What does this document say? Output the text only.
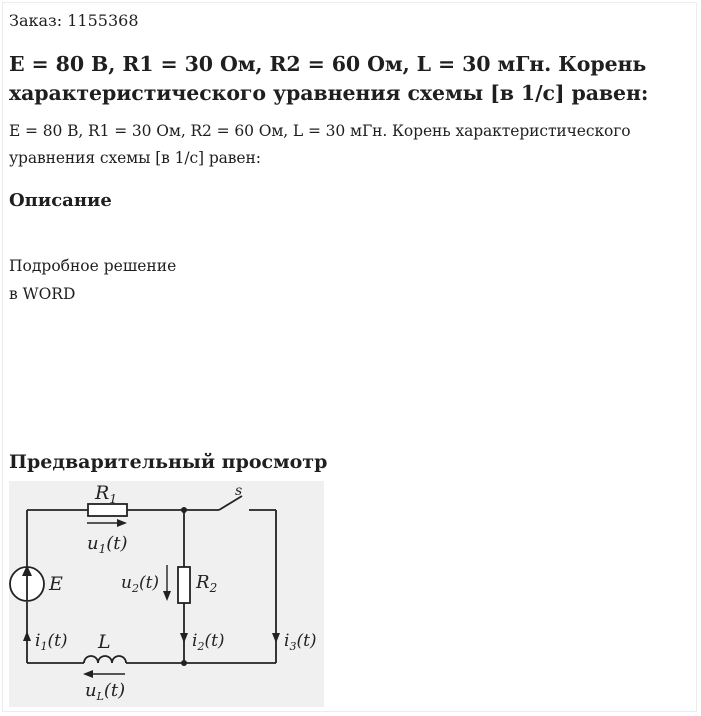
Заказ: 1155368
E = 80 В, R1 = 30 Ом, R2 = 60 Ом, L = 30 мГн. Корень характеристического уравнения схемы [в 1/с] равен:

E = 80 В, R1 = 30 Ом, R2 = 60 Ом, L = 30 мГн. Корень характеристического уравнения схемы [в 1/с] равен:

Описание

Подробное решение
в WORD

Предварительный просмотр
$R_1$	s
$u_1(t)$
$u_2(t)$ $R_2$
E
$i_1(t)$ L	$i_2(t)$	$i_3(t)$
$u_L(t)$
